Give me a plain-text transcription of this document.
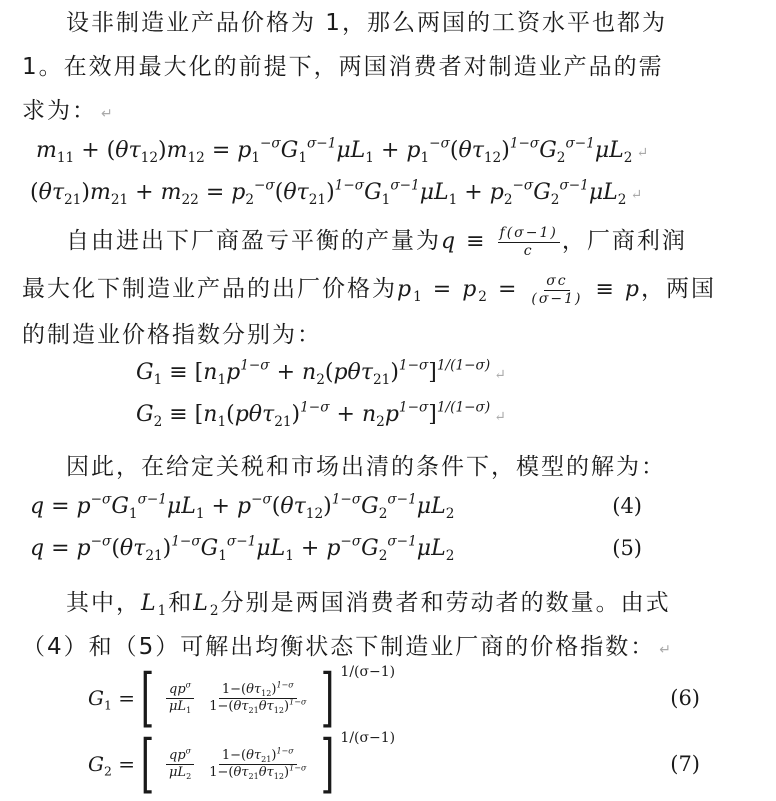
设非制造业产品价格为 1，那么两国的工资水平也都为
1。在效用最大化的前提下，两国消费者对制造业产品的需
求为： ↵
$m_{11} + (\theta\tau_{12})m_{12} = p_1^{-\sigma}G_1^{\sigma-1}\mu L_1 + p_1^{-\sigma}(\theta\tau_{12})^{1-\sigma}G_2^{\sigma-1}\mu L_2$ ↵
$(\theta\tau_{21})m_{21} + m_{22} = p_2^{-\sigma}(\theta\tau_{21})^{1-\sigma}G_1^{\sigma-1}\mu L_1 + p_2^{-\sigma}G_2^{\sigma-1}\mu L_2$ ↵
自由进出下厂商盈亏平衡的产量为$q \equiv \frac{f(\sigma-1)}{c}$ ，厂商利润
最大化下制造业产品的出厂价格为$p_1 = p_2 = \frac{\sigma c}{(\sigma-1)} \equiv p$，两国
的制造业价格指数分别为：
$G_1 \equiv [n_1p^{1-\sigma}$ + $n_2(p\theta\tau_{21})^{1-\sigma}]^{1/(1-\sigma)}↵$
$G_2 \equiv [n_1(p\theta\tau_{21})^{1-\sigma}$ + $n_2p^{1-\sigma}]^{1/(1-\sigma)}↵$
因此，在给定关税和市场出清的条件下，模型的解为：
$q = p^{-\sigma}G_1^{\sigma-1}\mu L_1 + p^{-\sigma}(\theta\tau_{12})^{1-\sigma}G_2^{\sigma-1}\mu L_2$	(4)
$q = p^{-\sigma}(\theta\tau_{21})^{1-\sigma}G_1^{\sigma-1}\mu L_1 + p^{-\sigma}G_2^{\sigma-1}\mu L_2$	(5)
其中，$L_1$和$L_2$分别是两国消费者和劳动者的数量。由式
（4）和（5）可解出均衡状态下制造业厂商的价格指数： ↵
$G_1$ = [ $\frac{qp^\sigma}{\mu L_1} \frac{1-(\theta\tau_{12})^{1-\sigma}}{1-(\theta\tau_{21}\theta\tau_{12})^{1-\sigma}}$ ] 1/(σ−1)
(6)
$G_2$ = [ $\frac{qp^\sigma}{\mu L_2} \frac{1-(\theta\tau_{21})^{1-\sigma}}{1-(\theta\tau_{21}\theta\tau_{12})^{1-\sigma}}$ ] 1/(σ−1)
(7)
